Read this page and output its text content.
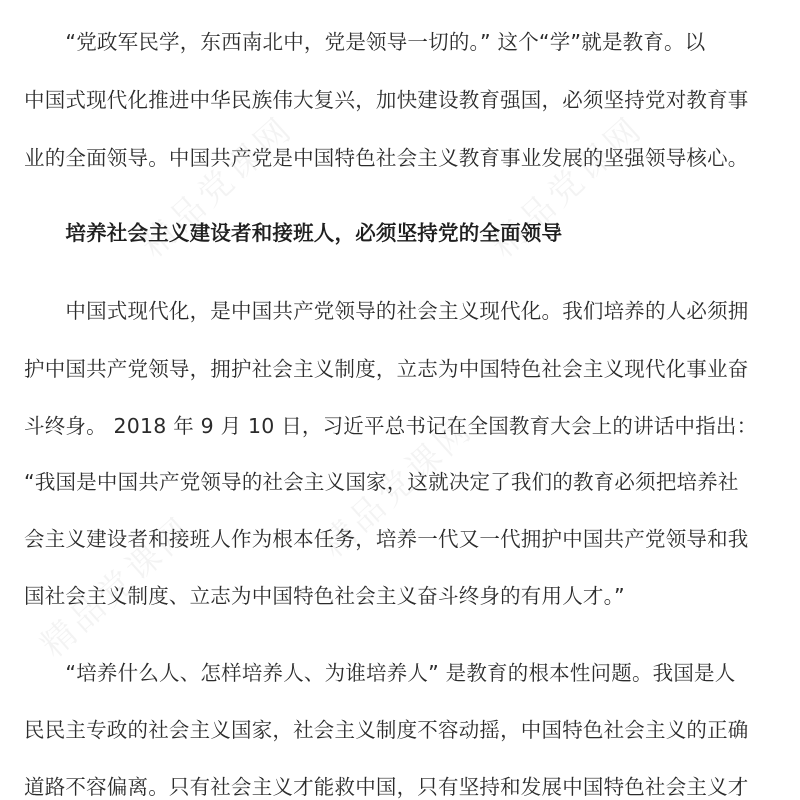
　　“党政军民学，东西南北中，党是领导一切的。” 这个“学”就是教育。以
中国式现代化推进中华民族伟大复兴，加快建设教育强国，必须坚持党对教育事
业的全面领导。中国共产党是中国特色社会主义教育事业发展的坚强领导核心。
　　培养社会主义建设者和接班人，必须坚持党的全面领导
　　中国式现代化，是中国共产党领导的社会主义现代化。我们培养的人必须拥
护中国共产党领导，拥护社会主义制度，立志为中国特色社会主义现代化事业奋
斗终身。 2018 年 9 月 10 日，习近平总书记在全国教育大会上的讲话中指出：
“我国是中国共产党领导的社会主义国家，这就决定了我们的教育必须把培养社
会主义建设者和接班人作为根本任务，培养一代又一代拥护中国共产党领导和我
国社会主义制度、立志为中国特色社会主义奋斗终身的有用人才。”
　　“培养什么人、怎样培养人、为谁培养人” 是教育的根本性问题。我国是人
民民主专政的社会主义国家，社会主义制度不容动摇，中国特色社会主义的正确
道路不容偏离。只有社会主义才能救中国，只有坚持和发展中国特色社会主义才
